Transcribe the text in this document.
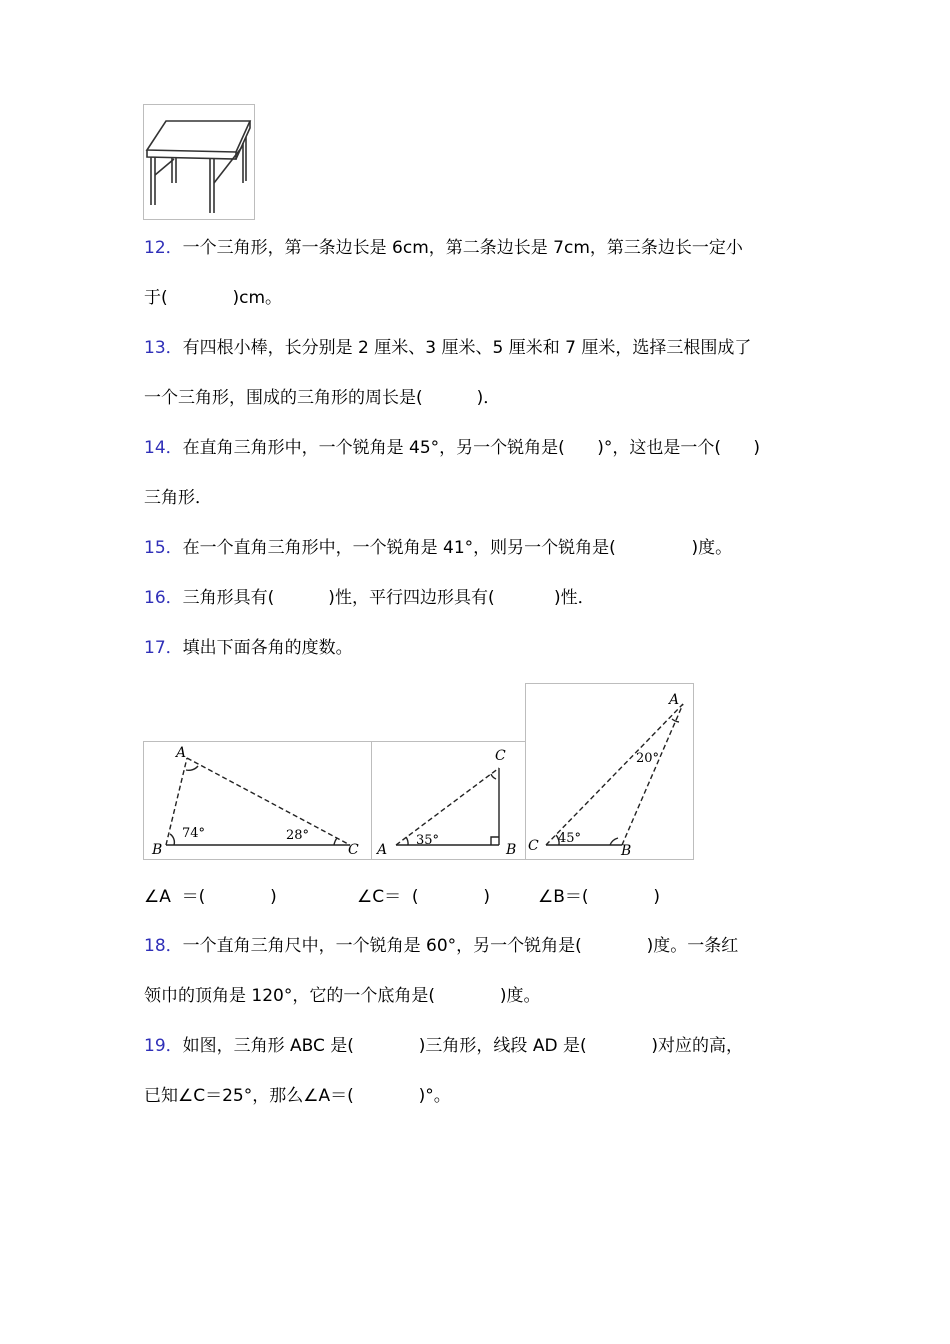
12．一个三角形，第一条边长是 6cm，第二条边长是 7cm，第三条边长一定小
于(            )cm。
13．有四根小棒，长分别是 2 厘米、3 厘米、5 厘米和 7 厘米，选择三根围成了
一个三角形，围成的三角形的周长是(          )．
14．在直角三角形中，一个锐角是 45°，另一个锐角是(      )°，这也是一个(      )
三角形．
15．在一个直角三角形中，一个锐角是 41°，则另一个锐角是(              )度。
16．三角形具有(          )性，平行四边形具有(           )性．
17．填出下面各角的度数。
A
B	C
74°	28°
C
A	B
35°
A
C	B
20°
45°
∠A  ＝(            )	∠C＝  (            )	∠B＝(            )
18．一个直角三角尺中，一个锐角是 60°，另一个锐角是(            )度。一条红
领巾的顶角是 120°，它的一个底角是(            )度。
19．如图，三角形 ABC 是(            )三角形，线段 AD 是(            )对应的高，
已知∠C＝25°，那么∠A＝(            )°。
